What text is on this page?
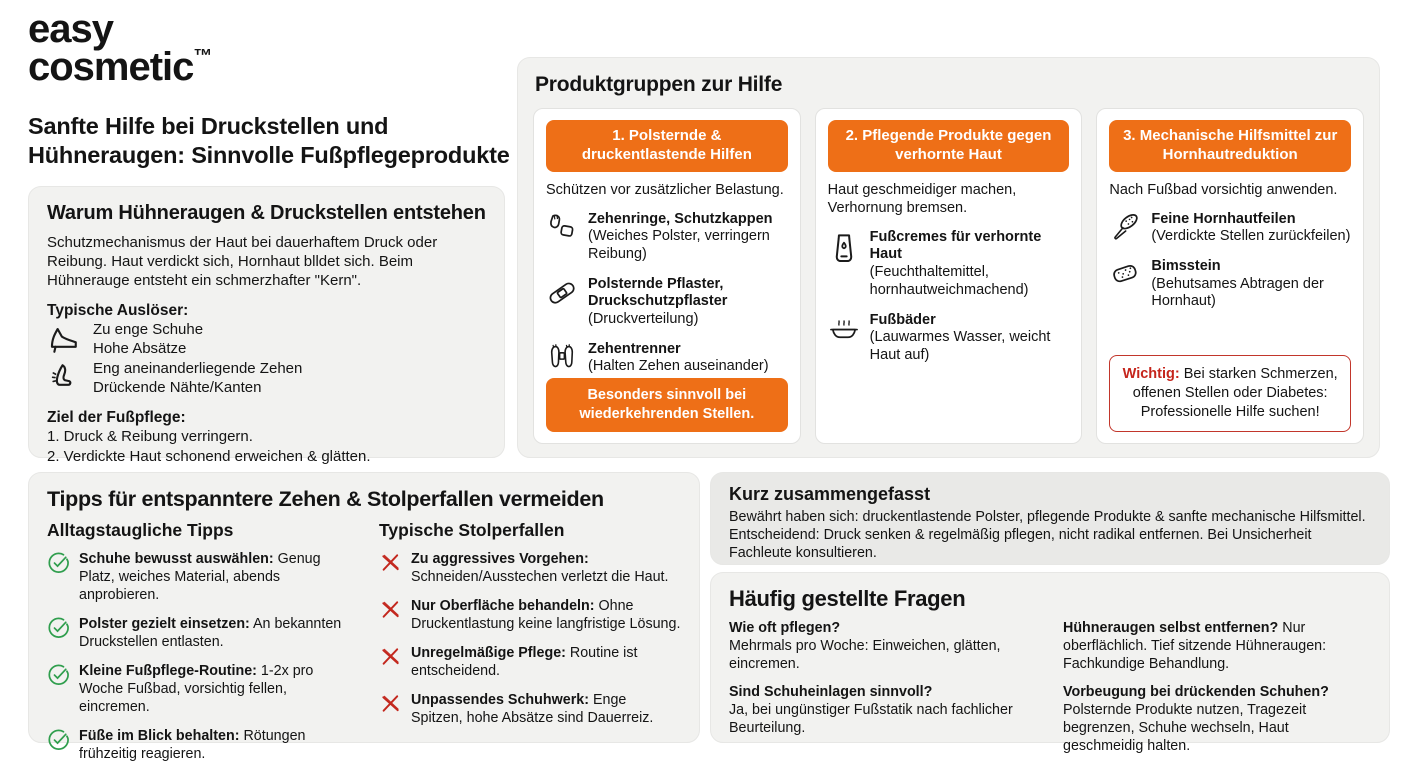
easy
cosmetic™
Sanfte Hilfe bei Druckstellen und Hühneraugen: Sinnvolle Fußpflegeprodukte
Warum Hühneraugen & Druckstellen entstehen

Schutzmechanismus der Haut bei dauerhaftem Druck oder Reibung. Haut verdickt sich, Hornhaut blldet sich. Beim Hühnerauge entsteht ein schmerzhafter "Kern".

Typische Auslöser:
Zu enge Schuhe
Hohe Absätze
Eng aneinanderliegende Zehen
Drückende Nähte/Kanten
Ziel der Fußpflege:
1. Druck & Reibung verringern.
2. Verdickte Haut schonend erweichen & glätten.
Produktgruppen zur Hilfe
1. Polsternde & druckentlastende Hilfen

Schützen vor zusätzlicher Belastung.

Zehenringe, Schutzkappen
(Weiches Polster, verringern Reibung)
Polsternde Pflaster, Druckschutzpflaster
(Druckverteilung)
Zehentrenner
(Halten Zehen auseinander)
Besonders sinnvoll bei wiederkehrenden Stellen.
2. Pflegende Produkte gegen verhornte Haut

Haut geschmeidiger machen, Verhornung bremsen.

Fußcremes für verhornte Haut
(Feuchthaltemittel, hornhautweichmachend)
Fußbäder
(Lauwarmes Wasser, weicht Haut auf)
3. Mechanische Hilfsmittel zur Hornhautreduktion

Nach Fußbad vorsichtig anwenden.

Feine Hornhautfeilen
(Verdickte Stellen zurückfeilen)
Bimsstein
(Behutsames Abtragen der Hornhaut)
Wichtig: Bei starken Schmerzen, offenen Stellen oder Diabetes: Professionelle Hilfe suchen!
Tipps für entspanntere Zehen & Stolperfallen vermeiden
Alltagstaugliche Tipps

Schuhe bewusst auswählen: Genug Platz, weiches Material, abends anprobieren.

Polster gezielt einsetzen: An bekannten Druckstellen entlasten.

Kleine Fußpflege-Routine: 1-2x pro Woche Fußbad, vorsichtig fellen, eincremen.

Füße im Blick behalten: Rötungen frühzeitig reagieren.

Typische Stolperfallen

Zu aggressives Vorgehen: Schneiden/Ausstechen verletzt die Haut.

Nur Oberfläche behandeln: Ohne Druckentlastung keine langfristige Lösung.

Unregelmäßige Pflege: Routine ist entscheidend.

Unpassendes Schuhwerk: Enge Spitzen, hohe Absätze sind Dauerreiz.

Kurz zusammengefasst

Bewährt haben sich: druckentlastende Polster, pflegende Produkte & sanfte mechanische Hilfsmittel. Entscheidend: Druck senken & regelmäßig pflegen, nicht radikal entfernen. Bei Unsicherheit Fachleute konsultieren.

Häufig gestellte Fragen

Wie oft pflegen?
Mehrmals pro Woche: Einweichen, glätten, eincremen.

Sind Schuheinlagen sinnvoll?
Ja, bei ungünstiger Fußstatik nach fachlicher Beurteilung.

Hühneraugen selbst entfernen? Nur oberflächlich. Tief sitzende Hühneraugen: Fachkundige Behandlung.

Vorbeugung bei drückenden Schuhen?
Polsternde Produkte nutzen, Tragezeit begrenzen, Schuhe wechseln, Haut geschmeidig halten.
